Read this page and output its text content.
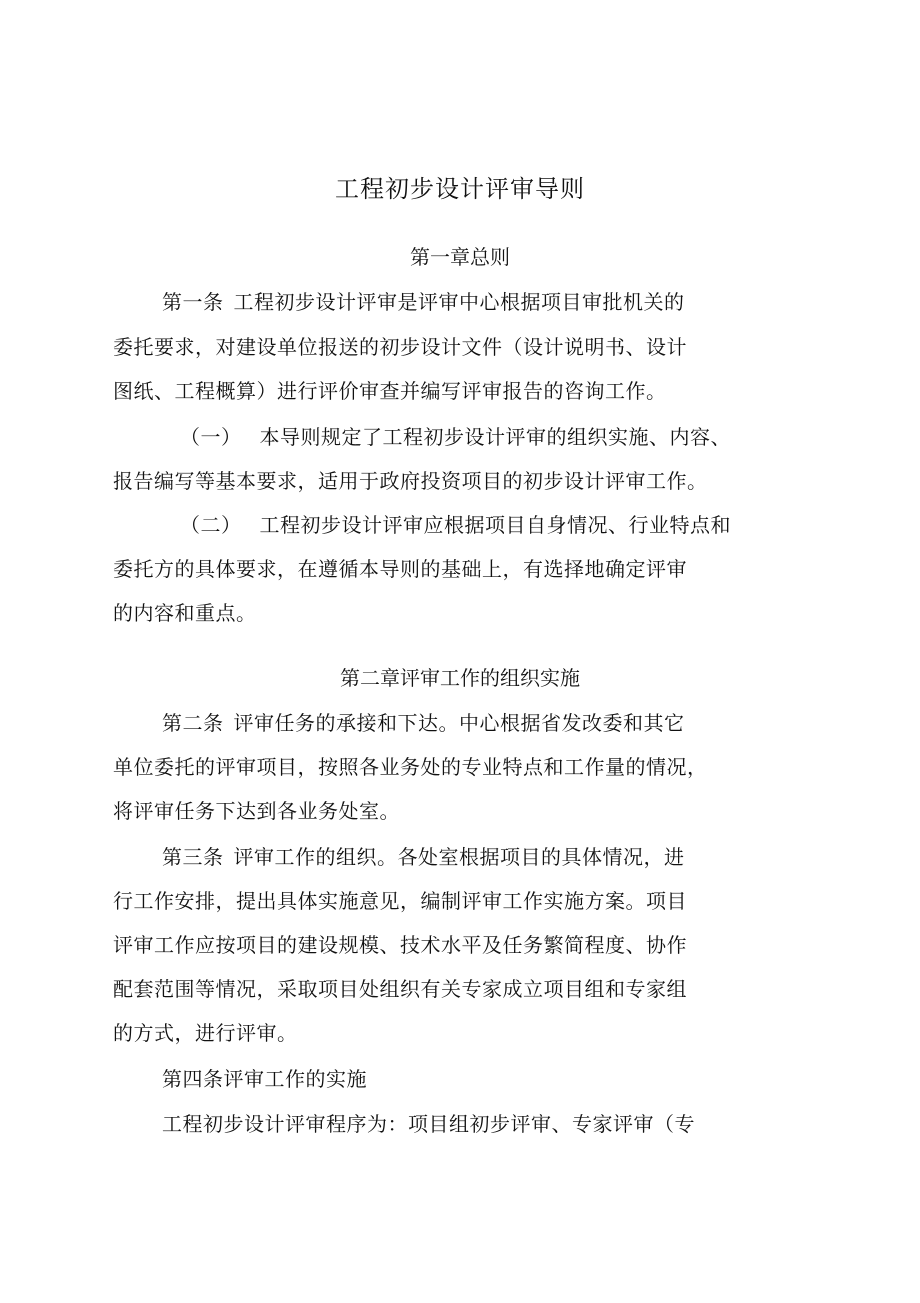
工程初步设计评审导则
第一章总则
第一条 工程初步设计评审是评审中心根据项目审批机关的
委托要求，对建设单位报送的初步设计文件（设计说明书、设计
图纸、工程概算）进行评价审查并编写评审报告的咨询工作。
（一） 本导则规定了工程初步设计评审的组织实施、内容、
报告编写等基本要求，适用于政府投资项目的初步设计评审工作。
（二） 工程初步设计评审应根据项目自身情况、行业特点和
委托方的具体要求，在遵循本导则的基础上，有选择地确定评审
的内容和重点。
第二章评审工作的组织实施
第二条 评审任务的承接和下达。中心根据省发改委和其它
单位委托的评审项目，按照各业务处的专业特点和工作量的情况，
将评审任务下达到各业务处室。
第三条 评审工作的组织。各处室根据项目的具体情况，进
行工作安排，提出具体实施意见，编制评审工作实施方案。项目
评审工作应按项目的建设规模、技术水平及任务繁简程度、协作
配套范围等情况，采取项目处组织有关专家成立项目组和专家组
的方式，进行评审。
第四条评审工作的实施
工程初步设计评审程序为：项目组初步评审、专家评审（专
